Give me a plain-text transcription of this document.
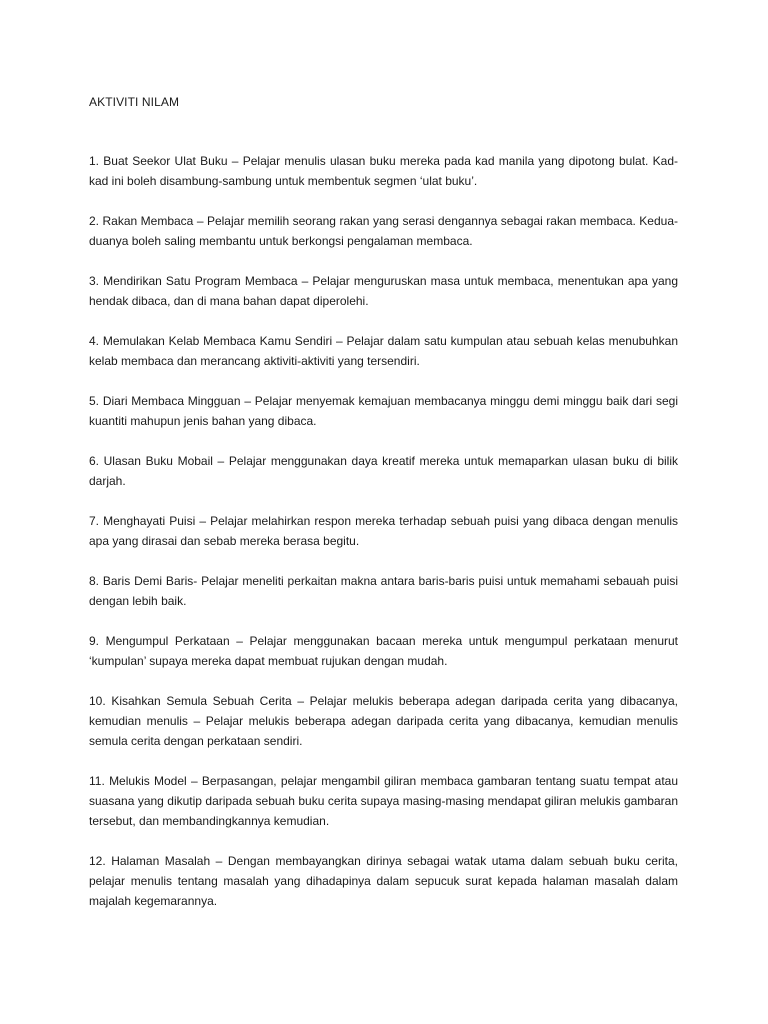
AKTIVITI NILAM
1. Buat Seekor Ulat Buku – Pelajar menulis ulasan buku mereka pada kad manila yang dipotong bulat. Kad-kad ini boleh disambung-sambung untuk membentuk segmen ‘ulat buku’.
2. Rakan Membaca – Pelajar memilih seorang rakan yang serasi dengannya sebagai rakan membaca. Kedua-duanya boleh saling membantu untuk berkongsi pengalaman membaca.
3. Mendirikan Satu Program Membaca – Pelajar menguruskan masa untuk membaca, menentukan apa yang hendak dibaca, dan di mana bahan dapat diperolehi.
4. Memulakan Kelab Membaca Kamu Sendiri – Pelajar dalam satu kumpulan atau sebuah kelas menubuhkan kelab membaca dan merancang aktiviti-aktiviti yang tersendiri.
5. Diari Membaca Mingguan – Pelajar menyemak kemajuan membacanya minggu demi minggu baik dari segi kuantiti mahupun jenis bahan yang dibaca.
6. Ulasan Buku Mobail – Pelajar menggunakan daya kreatif mereka untuk memaparkan ulasan buku di bilik darjah.
7. Menghayati Puisi – Pelajar melahirkan respon mereka terhadap sebuah puisi yang dibaca dengan menulis apa yang dirasai dan sebab mereka berasa begitu.
8. Baris Demi Baris- Pelajar meneliti perkaitan makna antara baris-baris puisi untuk memahami sebauah puisi dengan lebih baik.
9. Mengumpul Perkataan – Pelajar menggunakan bacaan mereka untuk mengumpul perkataan menurut ‘kumpulan’ supaya mereka dapat membuat rujukan dengan mudah.
10. Kisahkan Semula Sebuah Cerita – Pelajar melukis beberapa adegan daripada cerita yang dibacanya, kemudian menulis – Pelajar melukis beberapa adegan daripada cerita yang dibacanya, kemudian menulis semula cerita dengan perkataan sendiri.
11. Melukis Model – Berpasangan, pelajar mengambil giliran membaca gambaran tentang suatu tempat atau suasana yang dikutip daripada sebuah buku cerita supaya masing-masing mendapat giliran melukis gambaran tersebut, dan membandingkannya kemudian.
12. Halaman Masalah – Dengan membayangkan dirinya sebagai watak utama dalam sebuah buku cerita, pelajar menulis tentang masalah yang dihadapinya dalam sepucuk surat kepada halaman masalah dalam majalah kegemarannya.
